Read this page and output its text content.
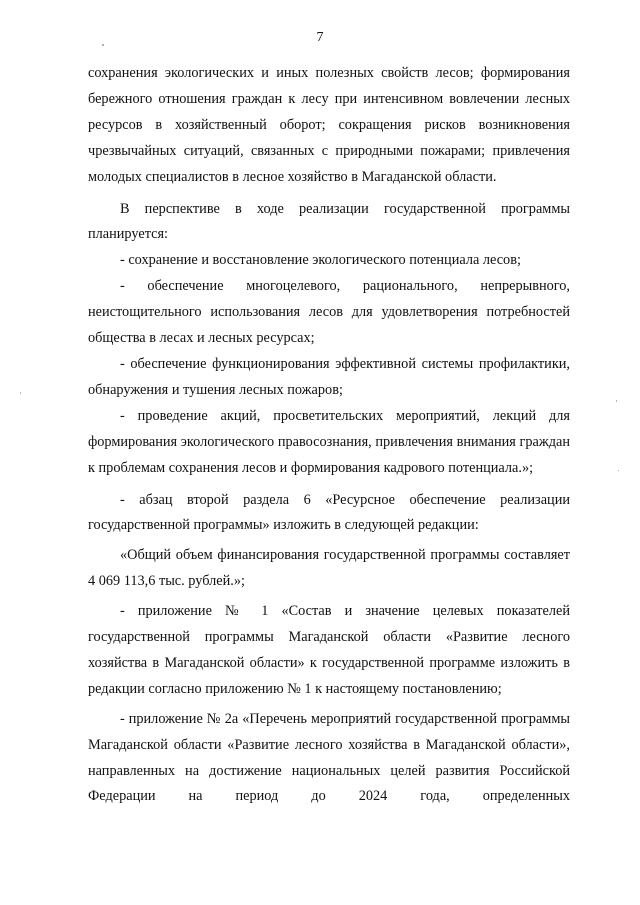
7

сохранения экологических и иных полезных свойств лесов; формирования бережного отношения граждан к лесу при интенсивном вовлечении лесных ресурсов в хозяйственный оборот; сокращения рисков возникновения чрезвычайных ситуаций, связанных с природными пожарами; привлечения молодых специалистов в лесное хозяйство в Магаданской области.

В перспективе в ходе реализации государственной программы планируется:

- сохранение и восстановление экологического потенциала лесов;

- обеспечение многоцелевого, рационального, непрерывного, неистощительного использования лесов для удовлетворения потребностей общества в лесах и лесных ресурсах;

- обеспечение функционирования эффективной системы профилактики, обнаружения и тушения лесных пожаров;

- проведение акций, просветительских мероприятий, лекций для формирования экологического правосознания, привлечения внимания граждан к проблемам сохранения лесов и формирования кадрового потенциала.»;

- абзац второй раздела 6 «Ресурсное обеспечение реализации государственной программы» изложить в следующей редакции:

«Общий объем финансирования государственной программы составляет 4 069 113,6 тыс. рублей.»;

- приложение № 1 «Состав и значение целевых показателей государственной программы Магаданской области «Развитие лесного хозяйства в Магаданской области» к государственной программе изложить в редакции согласно приложению № 1 к настоящему постановлению;

- приложение № 2а «Перечень мероприятий государственной программы Магаданской области «Развитие лесного хозяйства в Магаданской области», направленных на достижение национальных целей развития Российской Федерации на период до 2024 года, определенных
